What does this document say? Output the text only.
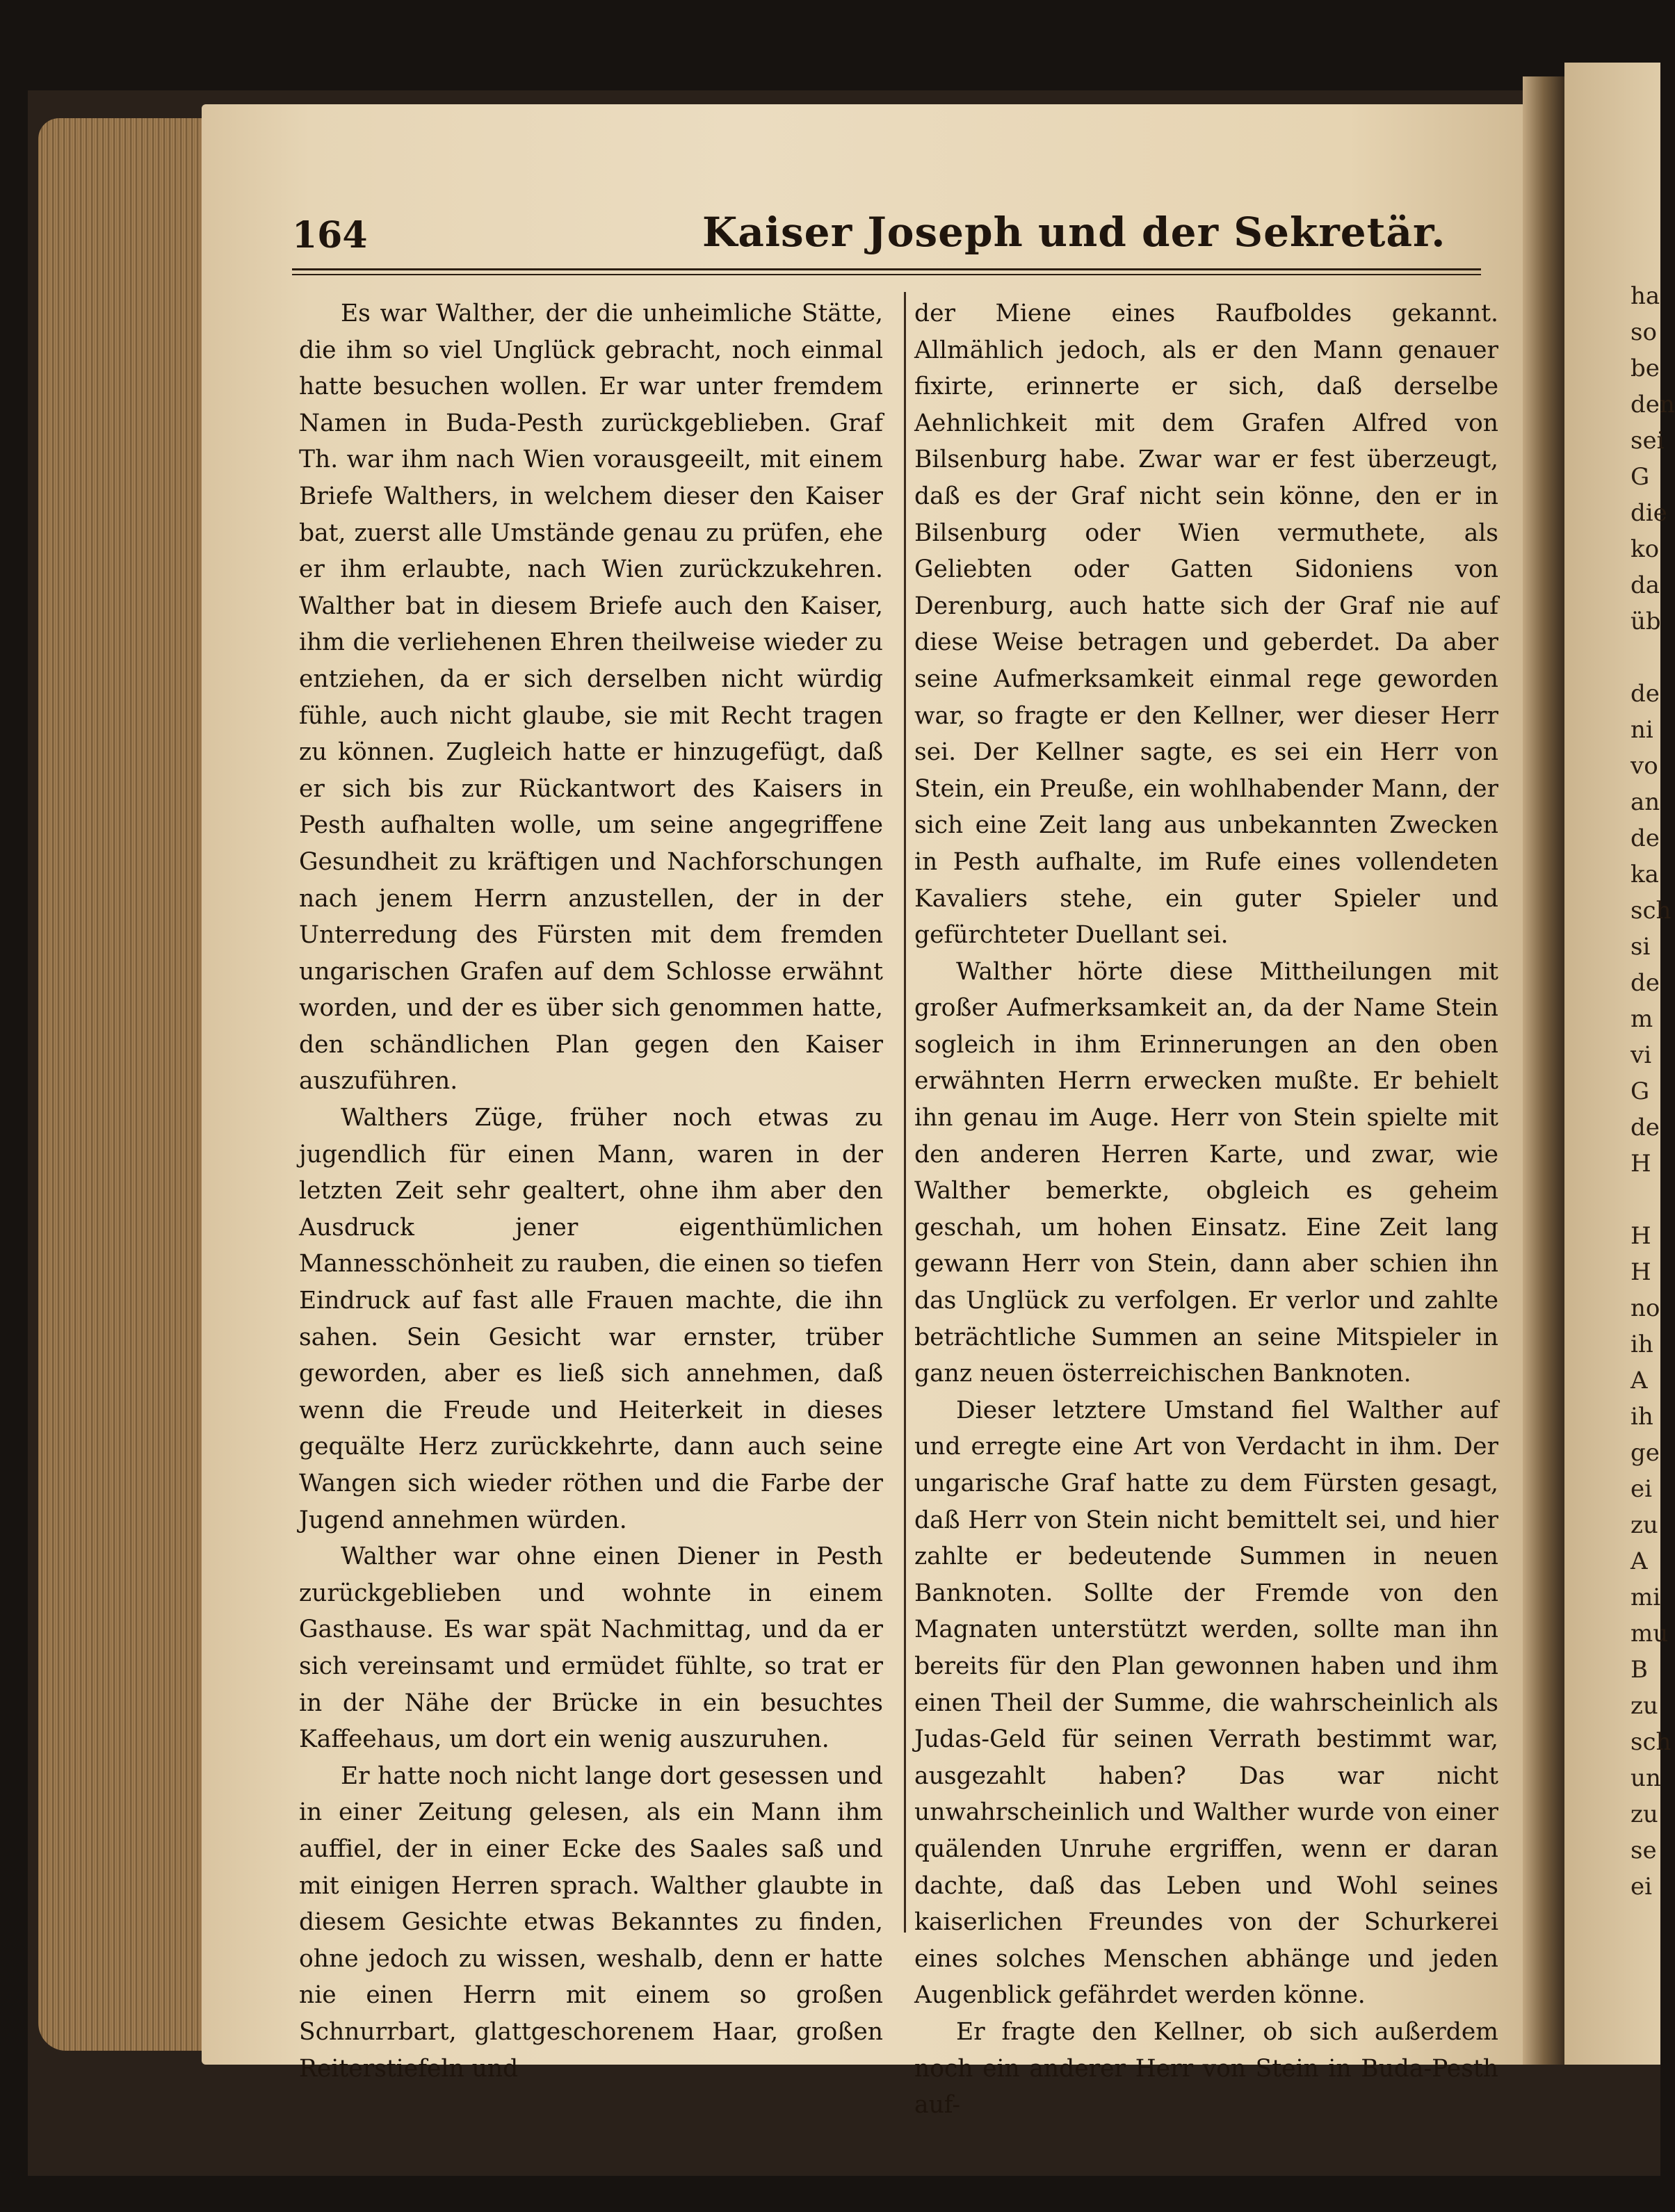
ha
so
be
den
sei
G
die
ko
da
üb

de
ni
vo
an
de
ka
sch
si
de
m
vi
G
de
H

H
H
no
ih
A
ih
ge
ei
zu
A
mi
mu
B
zu
sch
un
zu
se
ei
164	Kaiser Joseph und der Sekretär.

Es war Walther, der die unheimliche Stätte, die ihm so viel Unglück gebracht, noch einmal hatte besuchen wollen. Er war unter fremdem Namen in Buda-Pesth zurückgeblieben. Graf Th. war ihm nach Wien vorausgeeilt, mit einem Briefe Walthers, in welchem dieser den Kaiser bat, zuerst alle Umstände genau zu prüfen, ehe er ihm erlaubte, nach Wien zurückzukehren. Walther bat in diesem Briefe auch den Kaiser, ihm die verliehenen Ehren theilweise wieder zu entziehen, da er sich derselben nicht würdig fühle, auch nicht glaube, sie mit Recht tragen zu können. Zugleich hatte er hinzugefügt, daß er sich bis zur Rückantwort des Kaisers in Pesth aufhalten wolle, um seine angegriffene Gesundheit zu kräftigen und Nachforschungen nach jenem Herrn anzustellen, der in der Unterredung des Fürsten mit dem fremden ungarischen Grafen auf dem Schlosse erwähnt worden, und der es über sich genommen hatte, den schändlichen Plan gegen den Kaiser auszuführen.

Walthers Züge, früher noch etwas zu jugendlich für einen Mann, waren in der letzten Zeit sehr gealtert, ohne ihm aber den Ausdruck jener eigenthümlichen Mannesschönheit zu rauben, die einen so tiefen Eindruck auf fast alle Frauen machte, die ihn sahen. Sein Gesicht war ernster, trüber geworden, aber es ließ sich annehmen, daß wenn die Freude und Heiterkeit in dieses gequälte Herz zurückkehrte, dann auch seine Wangen sich wieder röthen und die Farbe der Jugend annehmen würden.

Walther war ohne einen Diener in Pesth zurückgeblieben und wohnte in einem Gasthause. Es war spät Nachmittag, und da er sich vereinsamt und ermüdet fühlte, so trat er in der Nähe der Brücke in ein besuchtes Kaffeehaus, um dort ein wenig auszuruhen.

Er hatte noch nicht lange dort gesessen und in einer Zeitung gelesen, als ein Mann ihm auffiel, der in einer Ecke des Saales saß und mit einigen Herren sprach. Walther glaubte in diesem Gesichte etwas Bekanntes zu finden, ohne jedoch zu wissen, weshalb, denn er hatte nie einen Herrn mit einem so großen Schnurrbart, glattgeschorenem Haar, großen Reiterstiefeln und

der Miene eines Raufboldes gekannt. Allmählich jedoch, als er den Mann genauer fixirte, erinnerte er sich, daß derselbe Aehnlichkeit mit dem Grafen Alfred von Bilsenburg habe. Zwar war er fest überzeugt, daß es der Graf nicht sein könne, den er in Bilsenburg oder Wien vermuthete, als Geliebten oder Gatten Sidoniens von Derenburg, auch hatte sich der Graf nie auf diese Weise betragen und geberdet. Da aber seine Aufmerksamkeit einmal rege geworden war, so fragte er den Kellner, wer dieser Herr sei. Der Kellner sagte, es sei ein Herr von Stein, ein Preuße, ein wohlhabender Mann, der sich eine Zeit lang aus unbekannten Zwecken in Pesth aufhalte, im Rufe eines vollendeten Kavaliers stehe, ein guter Spieler und gefürchteter Duellant sei.

Walther hörte diese Mittheilungen mit großer Aufmerksamkeit an, da der Name Stein sogleich in ihm Erinnerungen an den oben erwähnten Herrn erwecken mußte. Er behielt ihn genau im Auge. Herr von Stein spielte mit den anderen Herren Karte, und zwar, wie Walther bemerkte, obgleich es geheim geschah, um hohen Einsatz. Eine Zeit lang gewann Herr von Stein, dann aber schien ihn das Unglück zu verfolgen. Er verlor und zahlte beträchtliche Summen an seine Mitspieler in ganz neuen österreichischen Banknoten.

Dieser letztere Umstand fiel Walther auf und erregte eine Art von Verdacht in ihm. Der ungarische Graf hatte zu dem Fürsten gesagt, daß Herr von Stein nicht bemittelt sei, und hier zahlte er bedeutende Summen in neuen Banknoten. Sollte der Fremde von den Magnaten unterstützt werden, sollte man ihn bereits für den Plan gewonnen haben und ihm einen Theil der Summe, die wahrscheinlich als Judas-Geld für seinen Verrath bestimmt war, ausgezahlt haben? Das war nicht unwahrscheinlich und Walther wurde von einer quälenden Unruhe ergriffen, wenn er daran dachte, daß das Leben und Wohl seines kaiserlichen Freundes von der Schurkerei eines solches Menschen abhänge und jeden Augenblick gefährdet werden könne.

Er fragte den Kellner, ob sich außerdem noch ein anderer Herr von Stein in Buda-Pesth auf-
